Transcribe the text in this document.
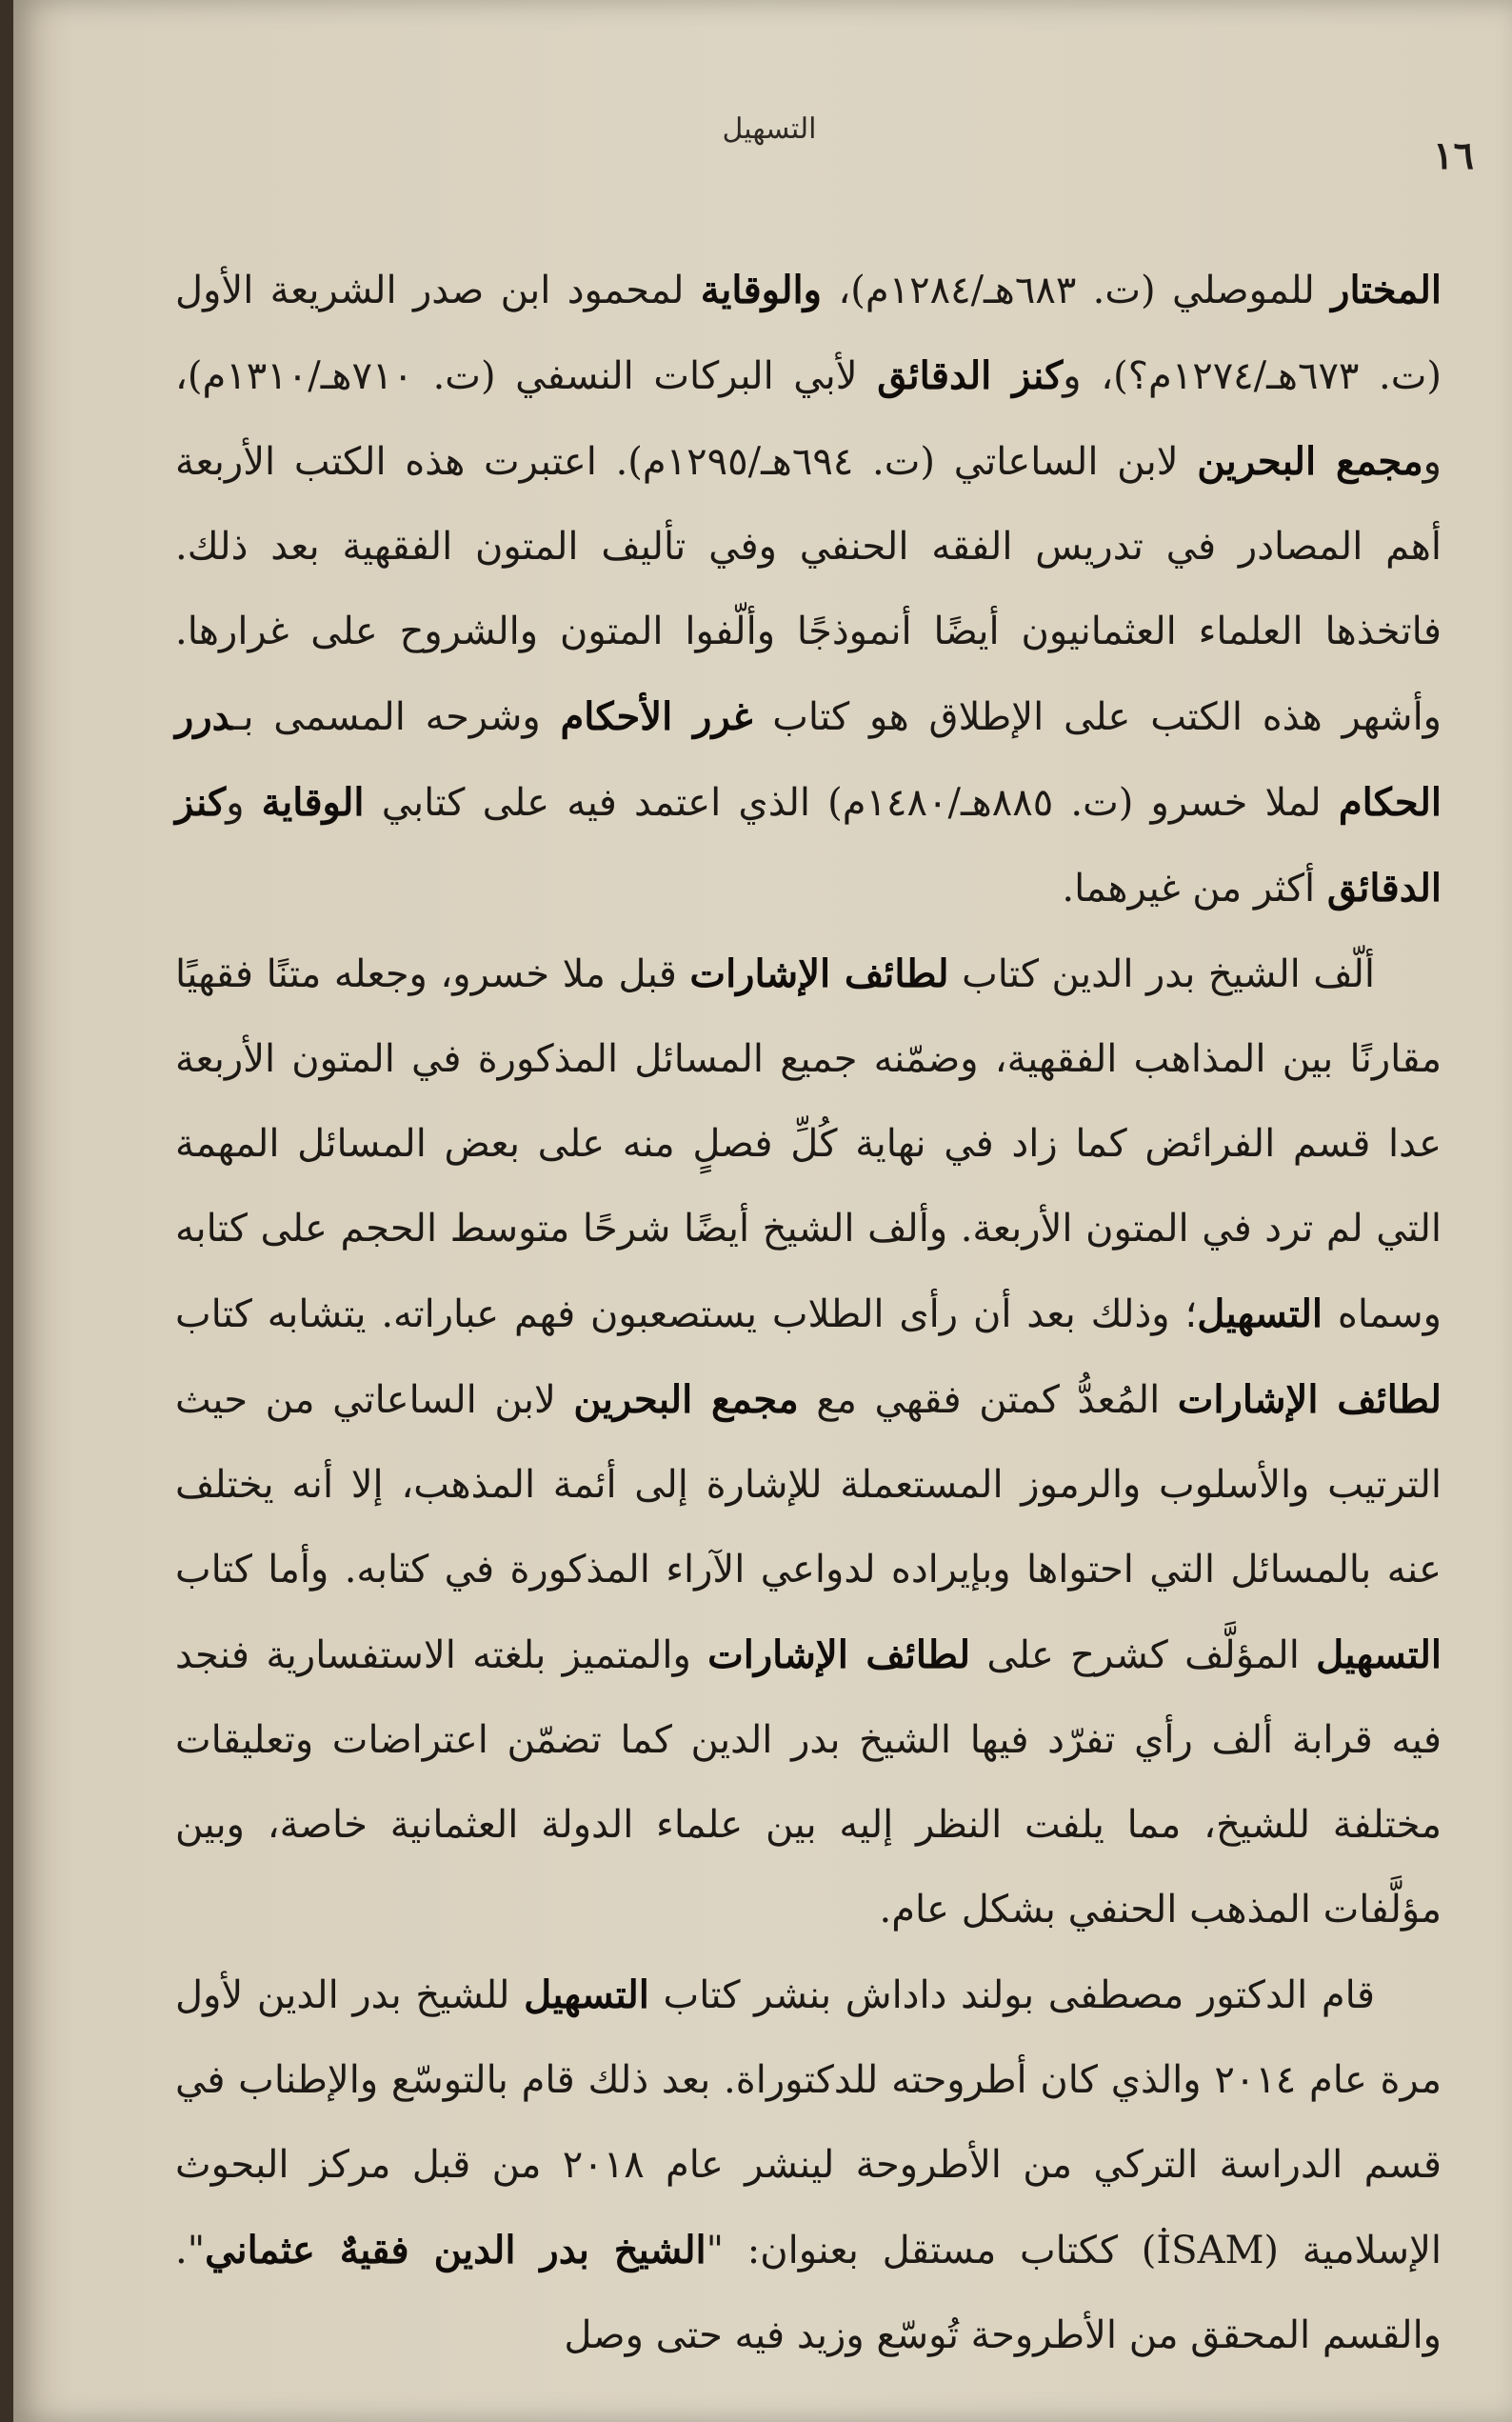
التسهيل
١٦

المختار للموصلي (ت. ٦٨٣هـ/١٢٨٤م)، والوقاية لمحمود ابن صدر الشريعة الأول (ت. ٦٧٣هـ/١٢٧٤م؟)، وكنز الدقائق لأبي البركات النسفي (ت. ٧١٠هـ/١٣١٠م)، ومجمع البحرين لابن الساعاتي (ت. ٦٩٤هـ/١٢٩٥م). اعتبرت هذه الكتب الأربعة أهم المصادر في تدريس الفقه الحنفي وفي تأليف المتون الفقهية بعد ذلك. فاتخذها العلماء العثمانيون أيضًا أنموذجًا وألّفوا المتون والشروح على غرارها. وأشهر هذه الكتب على الإطلاق هو كتاب غرر الأحكام وشرحه المسمى بـدرر الحكام لملا خسرو (ت. ٨٨٥هـ/١٤٨٠م) الذي اعتمد فيه على كتابي الوقاية وكنز الدقائق أكثر من غيرهما.

ألّف الشيخ بدر الدين كتاب لطائف الإشارات قبل ملا خسرو، وجعله متنًا فقهيًا مقارنًا بين المذاهب الفقهية، وضمّنه جميع المسائل المذكورة في المتون الأربعة عدا قسم الفرائض كما زاد في نهاية كُلِّ فصلٍ منه على بعض المسائل المهمة التي لم ترد في المتون الأربعة. وألف الشيخ أيضًا شرحًا متوسط الحجم على كتابه وسماه التسهيل؛ وذلك بعد أن رأى الطلاب يستصعبون فهم عباراته. يتشابه كتاب لطائف الإشارات المُعدُّ كمتن فقهي مع مجمع البحرين لابن الساعاتي من حيث الترتيب والأسلوب والرموز المستعملة للإشارة إلى أئمة المذهب، إلا أنه يختلف عنه بالمسائل التي احتواها وبإيراده لدواعي الآراء المذكورة في كتابه. وأما كتاب التسهيل المؤلَّف كشرح على لطائف الإشارات والمتميز بلغته الاستفسارية فنجد فيه قرابة ألف رأي تفرّد فيها الشيخ بدر الدين كما تضمّن اعتراضات وتعليقات مختلفة للشيخ، مما يلفت النظر إليه بين علماء الدولة العثمانية خاصة، وبين مؤلَّفات المذهب الحنفي بشكل عام.

قام الدكتور مصطفى بولند داداش بنشر كتاب التسهيل للشيخ بدر الدين لأول مرة عام ٢٠١٤ والذي كان أطروحته للدكتوراة. بعد ذلك قام بالتوسّع والإطناب في قسم الدراسة التركي من الأطروحة لينشر عام ٢٠١٨ من قبل مركز البحوث الإسلامية (İSAM) ككتاب مستقل بعنوان: "الشيخ بدر الدين فقيهٌ عثماني". والقسم المحقق من الأطروحة تُوسّع وزيد فيه حتى وصل
